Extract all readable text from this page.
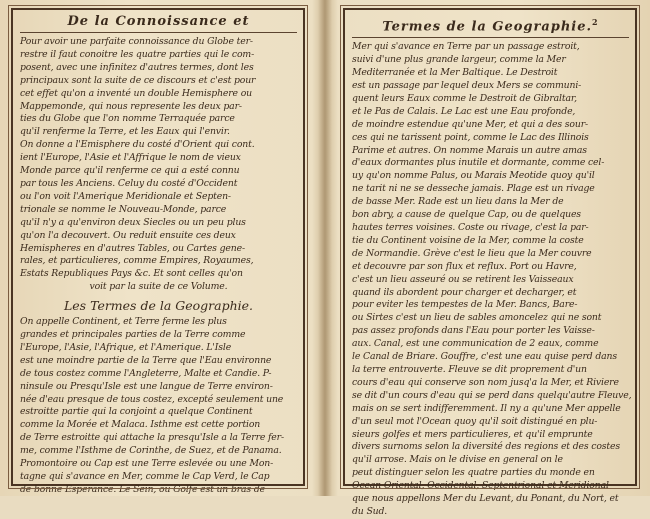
De la Connoissance et
Pour avoir une parfaite connoissance du Globe ter-
restre il faut conoitre les quatre parties qui le com-
posent, avec une infinitez d'autres termes, dont les
principaux sont la suite de ce discours et c'est pour
cet effet qu'on a inventé un double Hemisphere ou
Mappemonde, qui nous represente les deux par-
ties du Globe que l'on nomme Terraquée parce
qu'il renferme la Terre, et les Eaux qui l'envir.
On donne a l'Emisphere du costé d'Orient qui cont.
ient l'Europe, l'Asie et l'Affrique le nom de vieux
Monde parce qu'il renferme ce qui a esté connu
par tous les Anciens. Celuy du costé d'Occident
ou l'on voit l'Amerique Meridionale et Septen-
trionale se nomme le Nouveau-Monde, parce
qu'il n'y a qu'environ deux Siecles ou un peu plus
qu'on l'a decouvert. Ou reduit ensuite ces deux
Hemispheres en d'autres Tables, ou Cartes gene-
rales, et particulieres, comme Empires, Royaumes,
Estats Republiques Pays &c. Et sont celles qu'on
voit par la suite de ce Volume.
Les Termes de la Geographie.
On appelle Continent, et Terre ferme les plus
grandes et principales parties de la Terre comme
l'Europe, l'Asie, l'Afrique, et l'Amerique. L'Isle
est une moindre partie de la Terre que l'Eau environne
de tous costez comme l'Angleterre, Malte et Candie. P-
ninsule ou Presqu'Isle est une langue de Terre environ-
née d'eau presque de tous costez, excepté seulement une
estroitte partie qui la conjoint a quelque Continent
comme la Morée et Malaca. Isthme est cette portion
de Terre estroitte qui attache la presqu'Isle a la Terre fer-
me, comme l'Isthme de Corinthe, de Suez, et de Panama.
Promontoire ou Cap est une Terre eslevée ou une Mon-
tagne qui s'avance en Mer, comme le Cap Verd, le Cap
de bonne Esperance. Le Sein, ou Golfe est un bras de
Termes de la Geographie.$^2$
Mer qui s'avance en Terre par un passage estroit,
suivi d'une plus grande largeur, comme la Mer
Mediterranée et la Mer Baltique. Le Destroit
est un passage par lequel deux Mers se communi-
quent leurs Eaux comme le Destroit de Gibraltar,
et le Pas de Calais. Le Lac est une Eau profonde,
de moindre estendue qu'une Mer, et qui a des sour-
ces qui ne tarissent point, comme le Lac des Illinois
Parime et autres. On nomme Marais un autre amas
d'eaux dormantes plus inutile et dormante, comme cel-
uy qu'on nomme Palus, ou Marais Meotide quoy qu'il
ne tarit ni ne se desseche jamais. Plage est un rivage
de basse Mer. Rade est un lieu dans la Mer de
bon abry, a cause de quelque Cap, ou de quelques
hautes terres voisines. Coste ou rivage, c'est la par-
tie du Continent voisine de la Mer, comme la coste
de Normandie. Grève c'est le lieu que la Mer couvre
et decouvre par son flux et reflux. Port ou Havre,
c'est un lieu asseuré ou se retirent les Vaisseaux
quand ils abordent pour charger et decharger, et
pour eviter les tempestes de la Mer. Bancs, Bare-
ou Sirtes c'est un lieu de sables amoncelez qui ne sont
pas assez profonds dans l'Eau pour porter les Vaisse-
aux. Canal, est une communication de 2 eaux, comme
le Canal de Briare. Gouffre, c'est une eau quise perd dans
la terre entrouverte. Fleuve se dit proprement d'un
cours d'eau qui conserve son nom jusq'a la Mer, et Riviere
se dit d'un cours d'eau qui se perd dans quelqu'autre Fleuve,
mais on se sert indifferemment. Il ny a qu'une Mer appelle
d'un seul mot l'Ocean quoy qu'il soit distingué en plu-
sieurs golfes et mers particulieres, et qu'il emprunte
divers surnoms selon la diversité des regions et des costes
qu'il arrose. Mais on le divise en general on le
peut distinguer selon les quatre parties du monde en
Ocean Oriental, Occidental, Septentrional et Meridional
que nous appellons Mer du Levant, du Ponant, du Nort, et
du Sud.
